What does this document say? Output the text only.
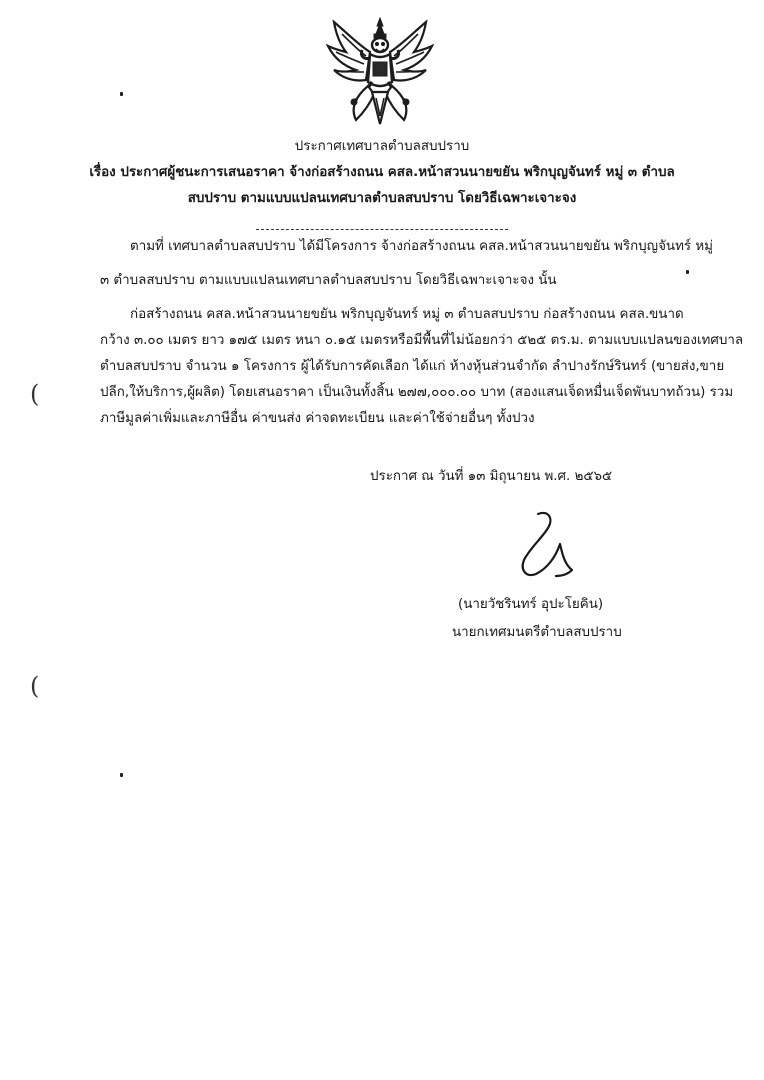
ประกาศเทศบาลตำบลสบปราบ
เรื่อง ประกาศผู้ชนะการเสนอราคา จ้างก่อสร้างถนน คสล.หน้าสวนนายขยัน พริกบุญจันทร์ หมู่ ๓ ตำบล
สบปราบ ตามแบบแปลนเทศบาลตำบลสบปราบ โดยวิธีเฉพาะเจาะจง
ตามที่ เทศบาลตำบลสบปราบ ได้มีโครงการ จ้างก่อสร้างถนน คสล.หน้าสวนนายขยัน พริกบุญจันทร์ หมู่
๓ ตำบลสบปราบ ตามแบบแปลนเทศบาลตำบลสบปราบ โดยวิธีเฉพาะเจาะจง นั้น
ก่อสร้างถนน คสล.หน้าสวนนายขยัน พริกบุญจันทร์ หมู่ ๓ ตำบลสบปราบ ก่อสร้างถนน คสล.ขนาด
กว้าง ๓.๐๐ เมตร ยาว ๑๗๕ เมตร หนา ๐.๑๕ เมตรหรือมีพื้นที่ไม่น้อยกว่า ๕๒๕ ตร.ม. ตามแบบแปลนของเทศบาล
ตำบลสบปราบ จำนวน ๑ โครงการ ผู้ได้รับการคัดเลือก ได้แก่ ห้างหุ้นส่วนจำกัด ลำปางรักษ์รินทร์ (ขายส่ง,ขาย
ปลีก,ให้บริการ,ผู้ผลิต) โดยเสนอราคา เป็นเงินทั้งสิ้น ๒๗๗,๐๐๐.๐๐ บาท (สองแสนเจ็ดหมื่นเจ็ดพันบาทถ้วน) รวม
ภาษีมูลค่าเพิ่มและภาษีอื่น ค่าขนส่ง ค่าจดทะเบียน และค่าใช้จ่ายอื่นๆ ทั้งปวง
ประกาศ ณ วันที่ ๑๓ มิถุนายน พ.ศ. ๒๕๖๕
(นายวัชรินทร์ อุปะโยคิน)
นายกเทศมนตรีตำบลสบปราบ
(
(
